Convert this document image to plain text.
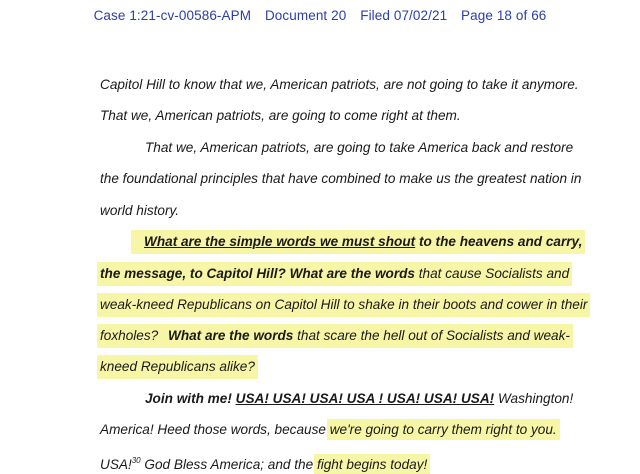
Case 1:21-cv-00586-APM Document 20 Filed 07/02/21 Page 18 of 66
Capitol Hill to know that we, American patriots, are not going to take it anymore.
That we, American patriots, are going to come right at them.
That we, American patriots, are going to take America back and restore
the foundational principles that have combined to make us the greatest nation in
world history.
What are the simple words we must shout to the heavens and carry,
the message, to Capitol Hill? What are the words that cause Socialists and
weak-kneed Republicans on Capitol Hill to shake in their boots and cower in their
foxholes? What are the words that scare the hell out of Socialists and weak-
kneed Republicans alike?
Join with me! USA! USA! USA! USA ! USA! USA! USA! Washington!
America! Heed those words, because we're going to carry them right to you.
USA!$^{30}$ God Bless America; and the fight begins today!
